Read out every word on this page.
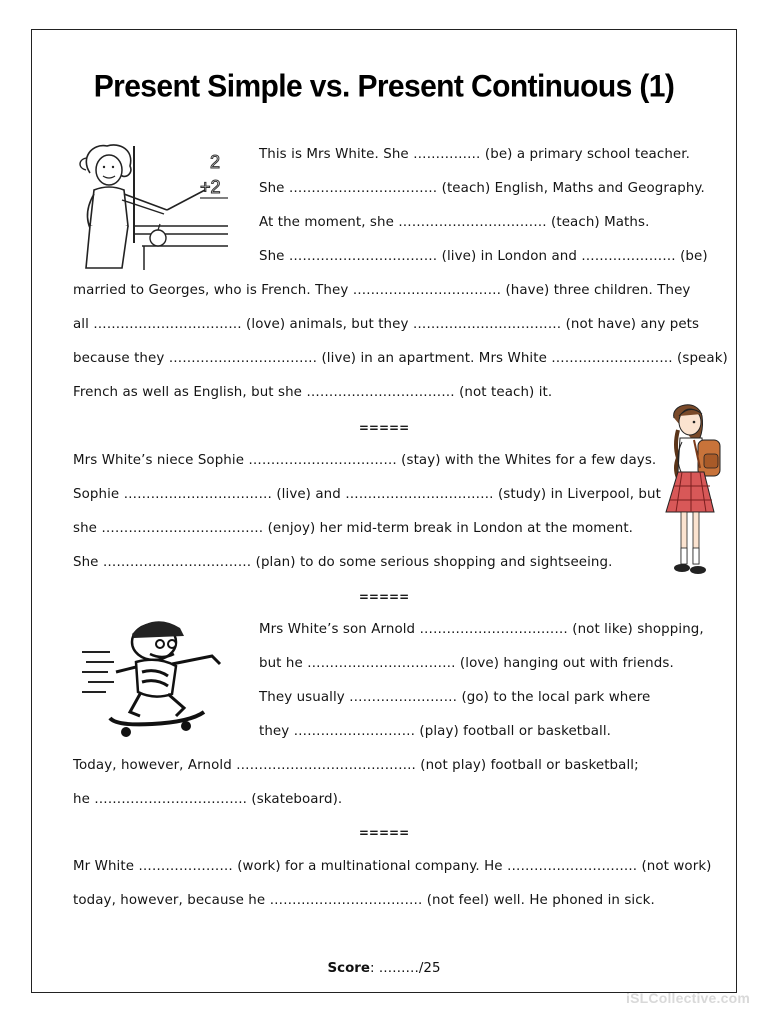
Present Simple vs. Present Continuous (1)
2
+2
This is Mrs White. She …………… (be) a primary school teacher.
She …………………………… (teach) English, Maths and Geography.
At the moment, she …………………………… (teach) Maths.
She …………………………… (live) in London and ………………… (be)
married to Georges, who is French. They …………………………… (have) three children. They
all …………………………… (love) animals, but they …………………………… (not have) any pets
because they …………………………… (live) in an apartment. Mrs White ……………………… (speak)
French as well as English, but she …………………………… (not teach) it.
=====
Mrs White’s niece Sophie …………………………… (stay) with the Whites for a few days.
Sophie …………………………… (live) and …………………………… (study) in Liverpool, but
she ……………………………… (enjoy) her mid-term break in London at the moment.
She …………………………… (plan) to do some serious shopping and sightseeing.
=====
Mrs White’s son Arnold …………………………… (not like) shopping,
but he …………………………… (love) hanging out with friends.
They usually …………………… (go) to the local park where
they ……………………… (play) football or basketball.
Today, however, Arnold …………………………………. (not play) football or basketball;
he ……………………………. (skateboard).
=====
Mr White ………………… (work) for a multinational company. He ……………………….. (not work)
today, however, because he ……………………………. (not feel) well. He phoned in sick.
Score: ………/25
iSLCollective.com
